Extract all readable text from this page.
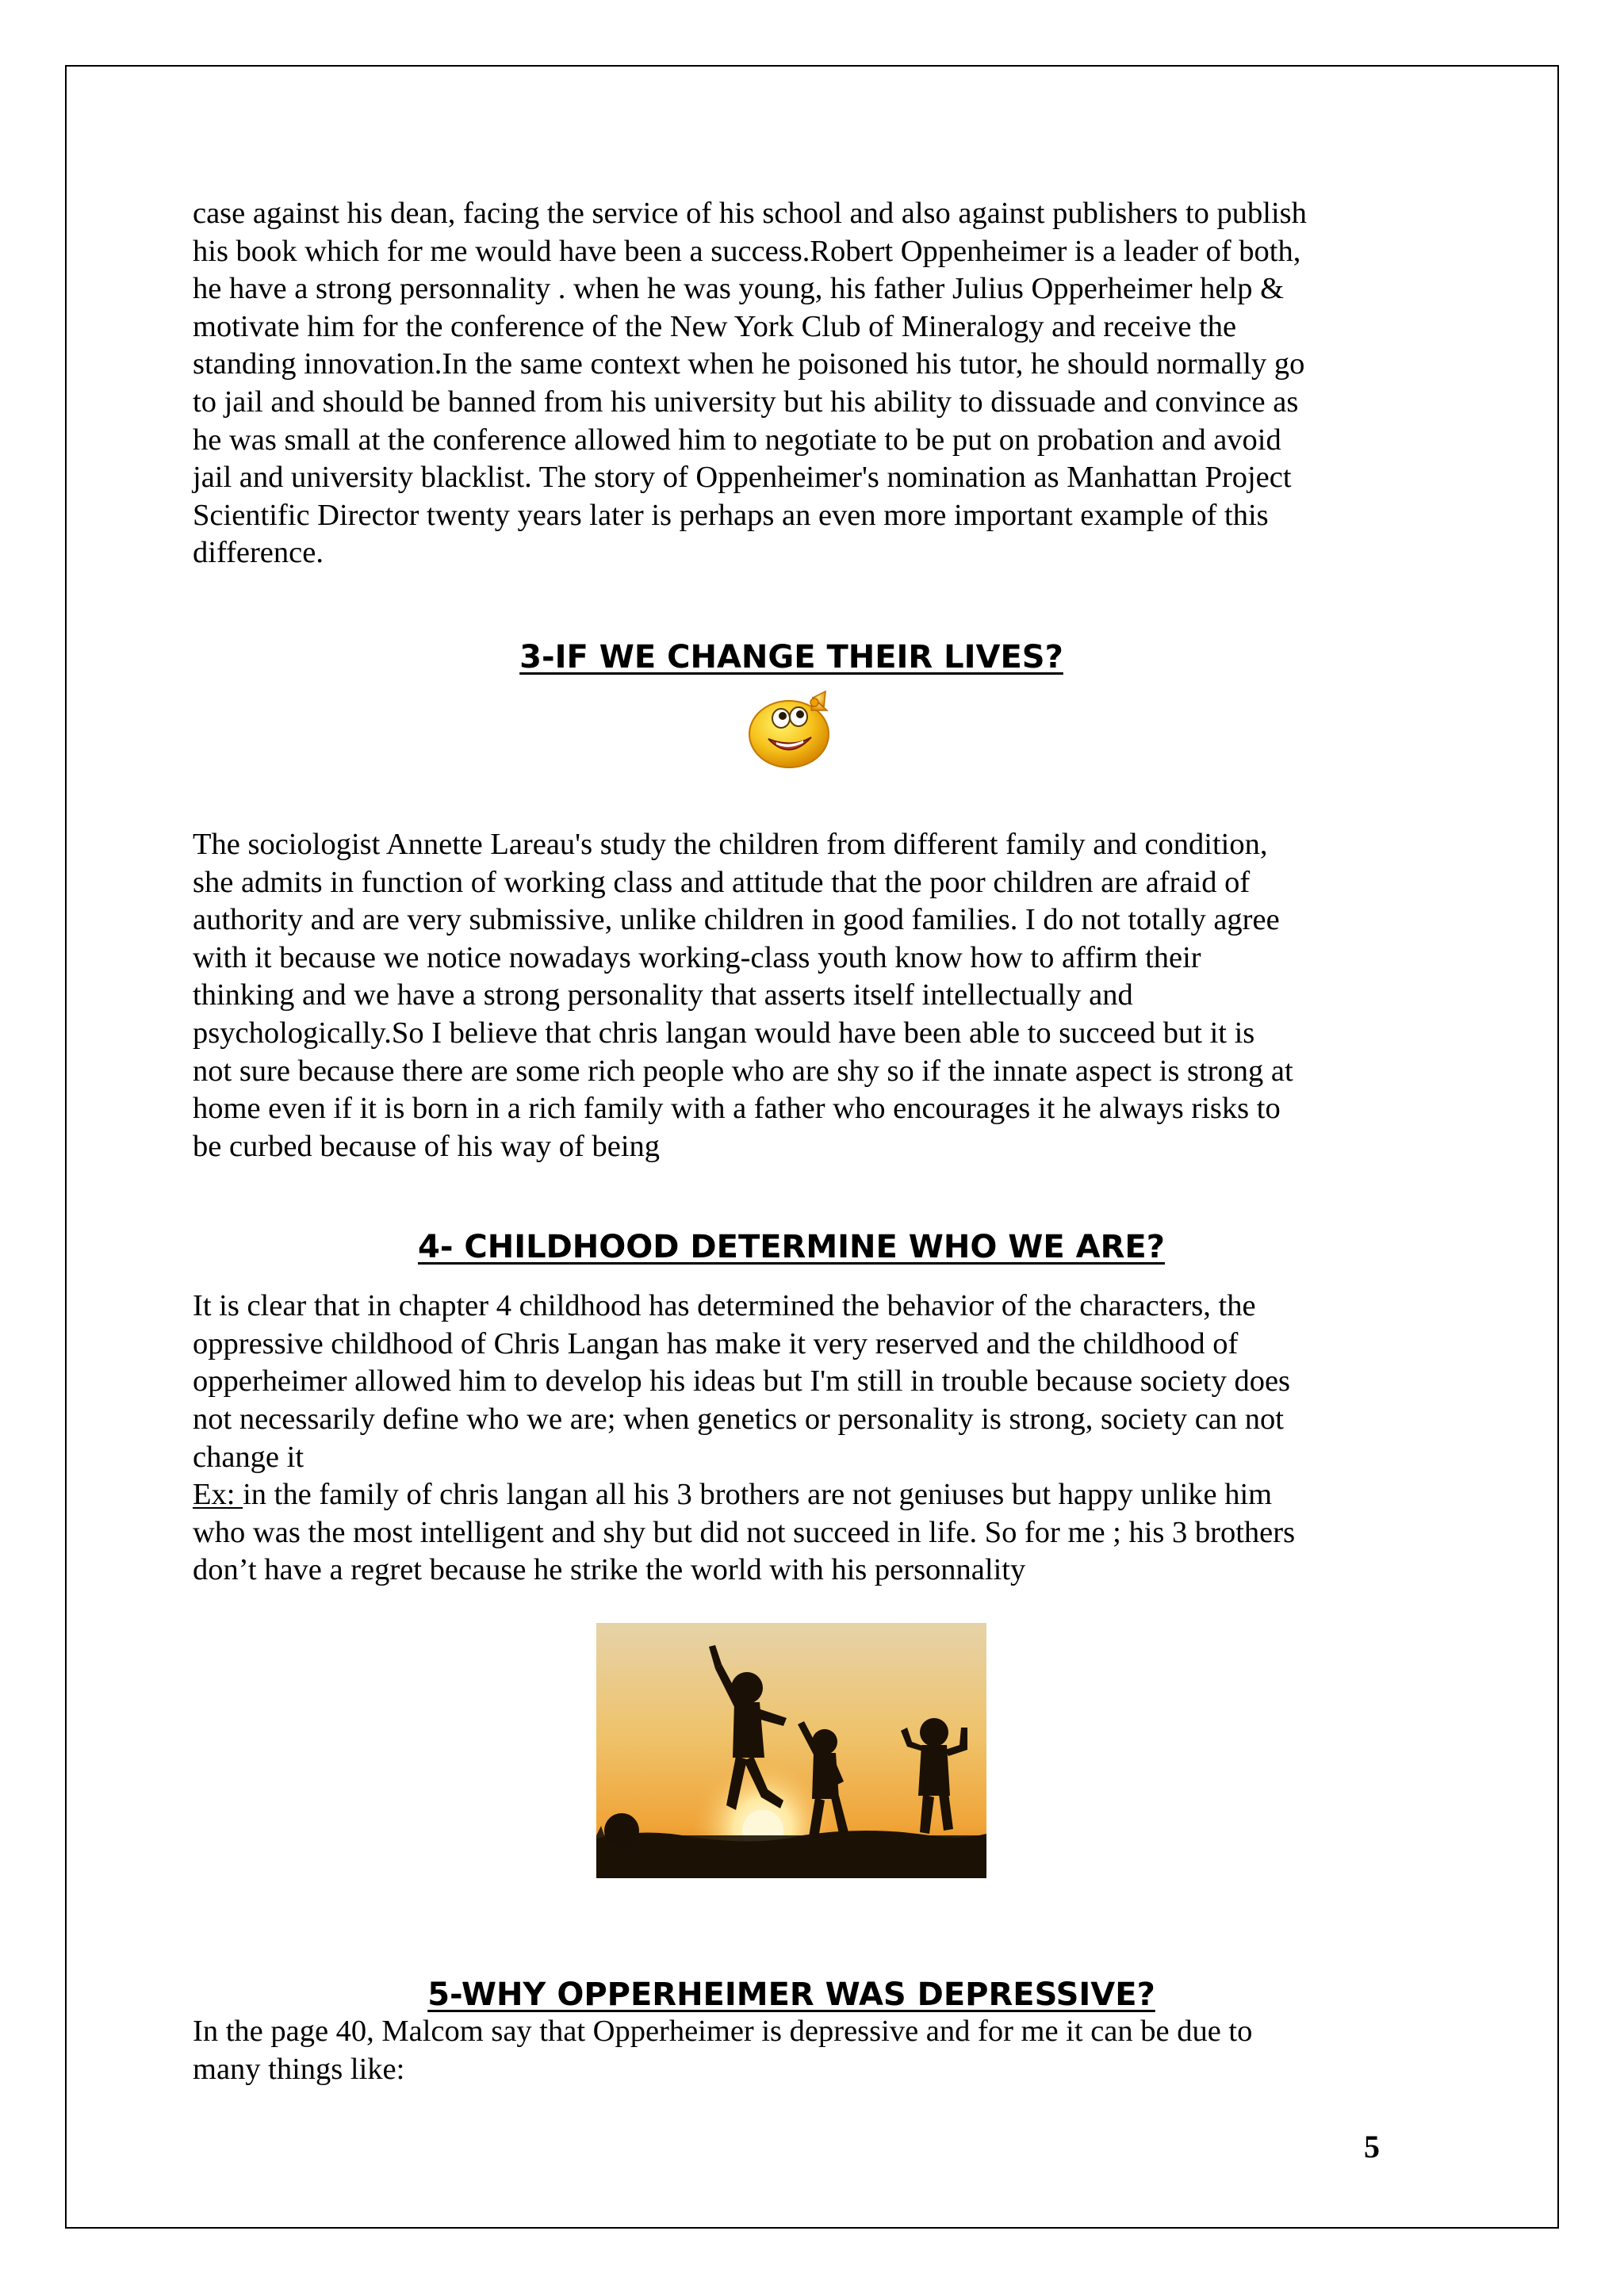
case against his dean, facing the service of his school and also against publishers to publish
his book which for me would have been a success.Robert Oppenheimer is a leader of both,
he have a strong personnality . when he was young, his father Julius Opperheimer help &
motivate him for the conference of the New York Club of Mineralogy and receive the
standing innovation.In the same context when he poisoned his tutor, he should normally go
to jail and should be banned from his university but his ability to dissuade and convince as
he was small at the conference allowed him to negotiate to be put on probation and avoid
jail and university blacklist. The story of Oppenheimer's nomination as Manhattan Project
Scientific Director twenty years later is perhaps an even more important example of this
difference.
3-IF WE CHANGE THEIR LIVES?
The sociologist Annette Lareau's study the children from different family and condition,
she admits in function of working class and attitude that the poor children are afraid of
authority and are very submissive, unlike children in good families. I do not totally agree
with it because we notice nowadays working-class youth know how to affirm their
thinking and we have a strong personality that asserts itself intellectually and
psychologically.So I believe that chris langan would have been able to succeed but it is
not sure because there are some rich people who are shy so if the innate aspect is strong at
home even if it is born in a rich family with a father who encourages it he always risks to
be curbed because of his way of being
4- CHILDHOOD DETERMINE WHO WE ARE?
It is clear that in chapter 4 childhood has determined the behavior of the characters, the
oppressive childhood of Chris Langan has make it very reserved and the childhood of
opperheimer allowed him to develop his ideas but I'm still in trouble because society does
not necessarily define who we are; when genetics or personality is strong, society can not
change it
Ex: in the family of chris langan all his 3 brothers are not geniuses but happy unlike him
who was the most intelligent and shy but did not succeed in life. So for me ; his 3 brothers
don’t have a regret because he strike the world with his personnality
5-WHY OPPERHEIMER WAS DEPRESSIVE?
In the page 40, Malcom say that Opperheimer is depressive and for me it can be due to
many things like:
5
